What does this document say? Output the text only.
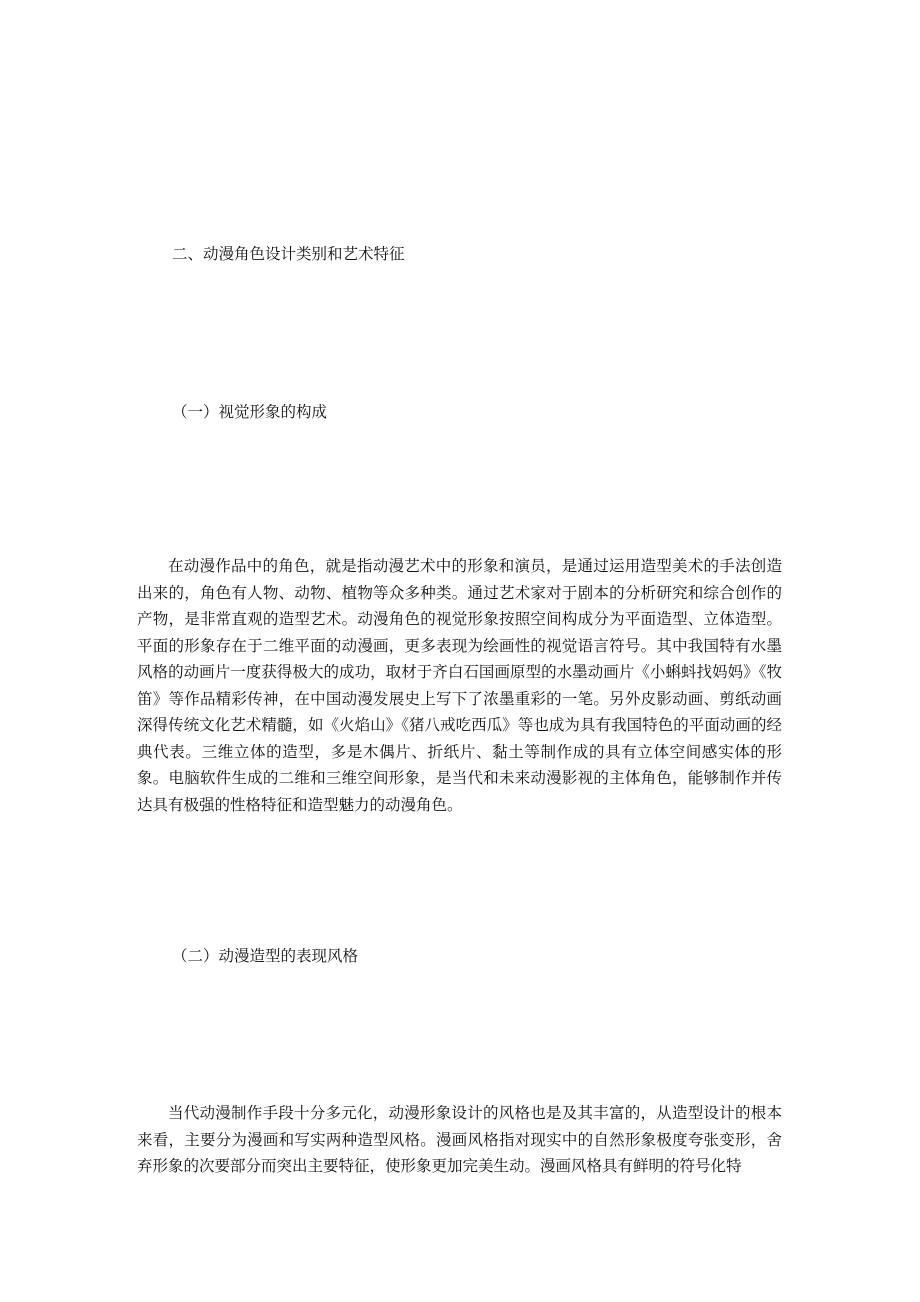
二、动漫角色设计类别和艺术特征
（一）视觉形象的构成

在动漫作品中的角色，就是指动漫艺术中的形象和演员，是通过运用造型美术的手法创造出来的，角色有人物、动物、植物等众多种类。通过艺术家对于剧本的分析研究和综合创作的产物，是非常直观的造型艺术。动漫角色的视觉形象按照空间构成分为平面造型、立体造型。平面的形象存在于二维平面的动漫画，更多表现为绘画性的视觉语言符号。其中我国特有水墨风格的动画片一度获得极大的成功，取材于齐白石国画原型的水墨动画片《小蝌蚪找妈妈》《牧笛》等作品精彩传神，在中国动漫发展史上写下了浓墨重彩的一笔。另外皮影动画、剪纸动画深得传统文化艺术精髓，如《火焰山》《猪八戒吃西瓜》等也成为具有我国特色的平面动画的经典代表。三维立体的造型，多是木偶片、折纸片、黏土等制作成的具有立体空间感实体的形象。电脑软件生成的二维和三维空间形象，是当代和未来动漫影视的主体角色，能够制作并传达具有极强的性格特征和造型魅力的动漫角色。

（二）动漫造型的表现风格

当代动漫制作手段十分多元化，动漫形象设计的风格也是及其丰富的，从造型设计的根本来看，主要分为漫画和写实两种造型风格。漫画风格指对现实中的自然形象极度夸张变形，舍弃形象的次要部分而突出主要特征，使形象更加完美生动。漫画风格具有鲜明的符号化特
